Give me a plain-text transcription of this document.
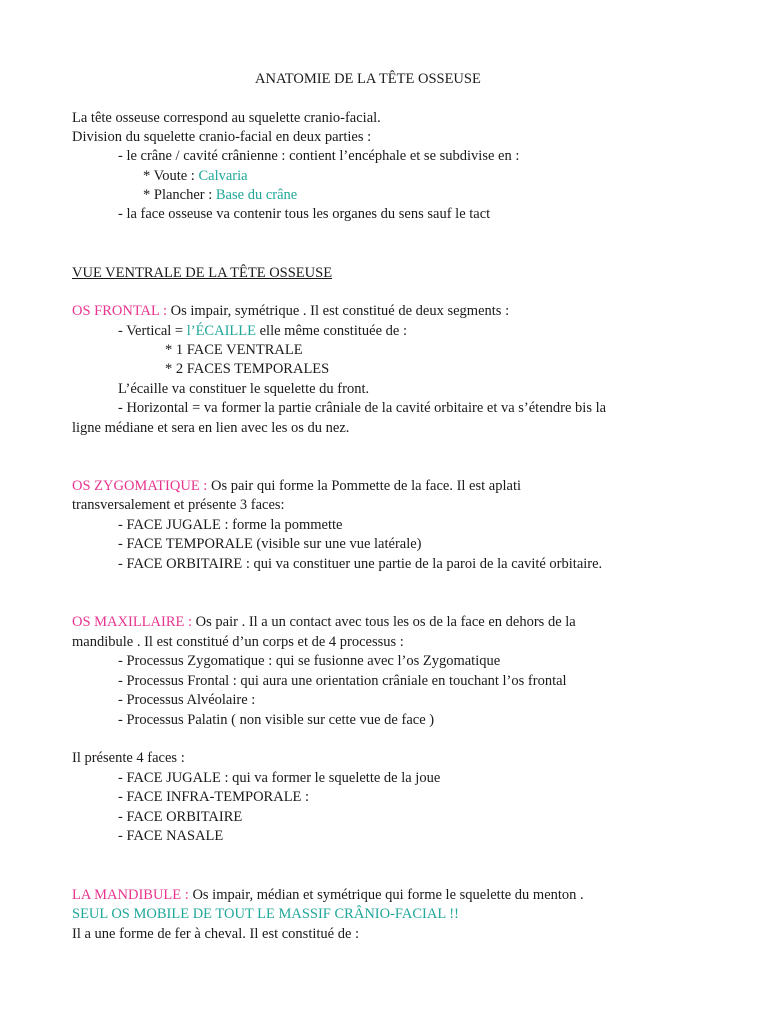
ANATOMIE DE LA TÊTE OSSEUSE
La tête osseuse correspond au squelette cranio-facial.
Division du squelette cranio-facial en deux parties :
- le crâne / cavité crânienne : contient l’encéphale et se subdivise en :
* Voute : Calvaria
* Plancher : Base du crâne
- la face osseuse va contenir tous les organes du sens sauf le tact
VUE VENTRALE DE LA TÊTE OSSEUSE
OS FRONTAL : Os impair, symétrique . Il est constitué de deux segments :
- Vertical = l’ÉCAILLE elle même constituée de :
* 1 FACE VENTRALE
* 2 FACES TEMPORALES
L’écaille va constituer le squelette du front.
- Horizontal = va former la partie crâniale de la cavité orbitaire et va s’étendre bis la
ligne médiane et sera en lien avec les os du nez.
OS ZYGOMATIQUE : Os pair qui forme la Pommette de la face. Il est aplati
transversalement et présente 3 faces:
- FACE JUGALE : forme la pommette
- FACE TEMPORALE (visible sur une vue latérale)
- FACE ORBITAIRE : qui va constituer une partie de la paroi de la cavité orbitaire.
OS MAXILLAIRE : Os pair . Il a un contact avec tous les os de la face en dehors de la
mandibule . Il est constitué d’un corps et de 4 processus :
- Processus Zygomatique : qui se fusionne avec l’os Zygomatique
- Processus Frontal : qui aura une orientation crâniale en touchant l’os frontal
- Processus Alvéolaire :
- Processus Palatin ( non visible sur cette vue de face )
Il présente 4 faces :
- FACE JUGALE : qui va former le squelette de la joue
- FACE INFRA-TEMPORALE :
- FACE ORBITAIRE
- FACE NASALE
LA MANDIBULE : Os impair, médian et symétrique qui forme le squelette du menton .
SEUL OS MOBILE DE TOUT LE MASSIF CRÂNIO-FACIAL !!
Il a une forme de fer à cheval. Il est constitué de :
